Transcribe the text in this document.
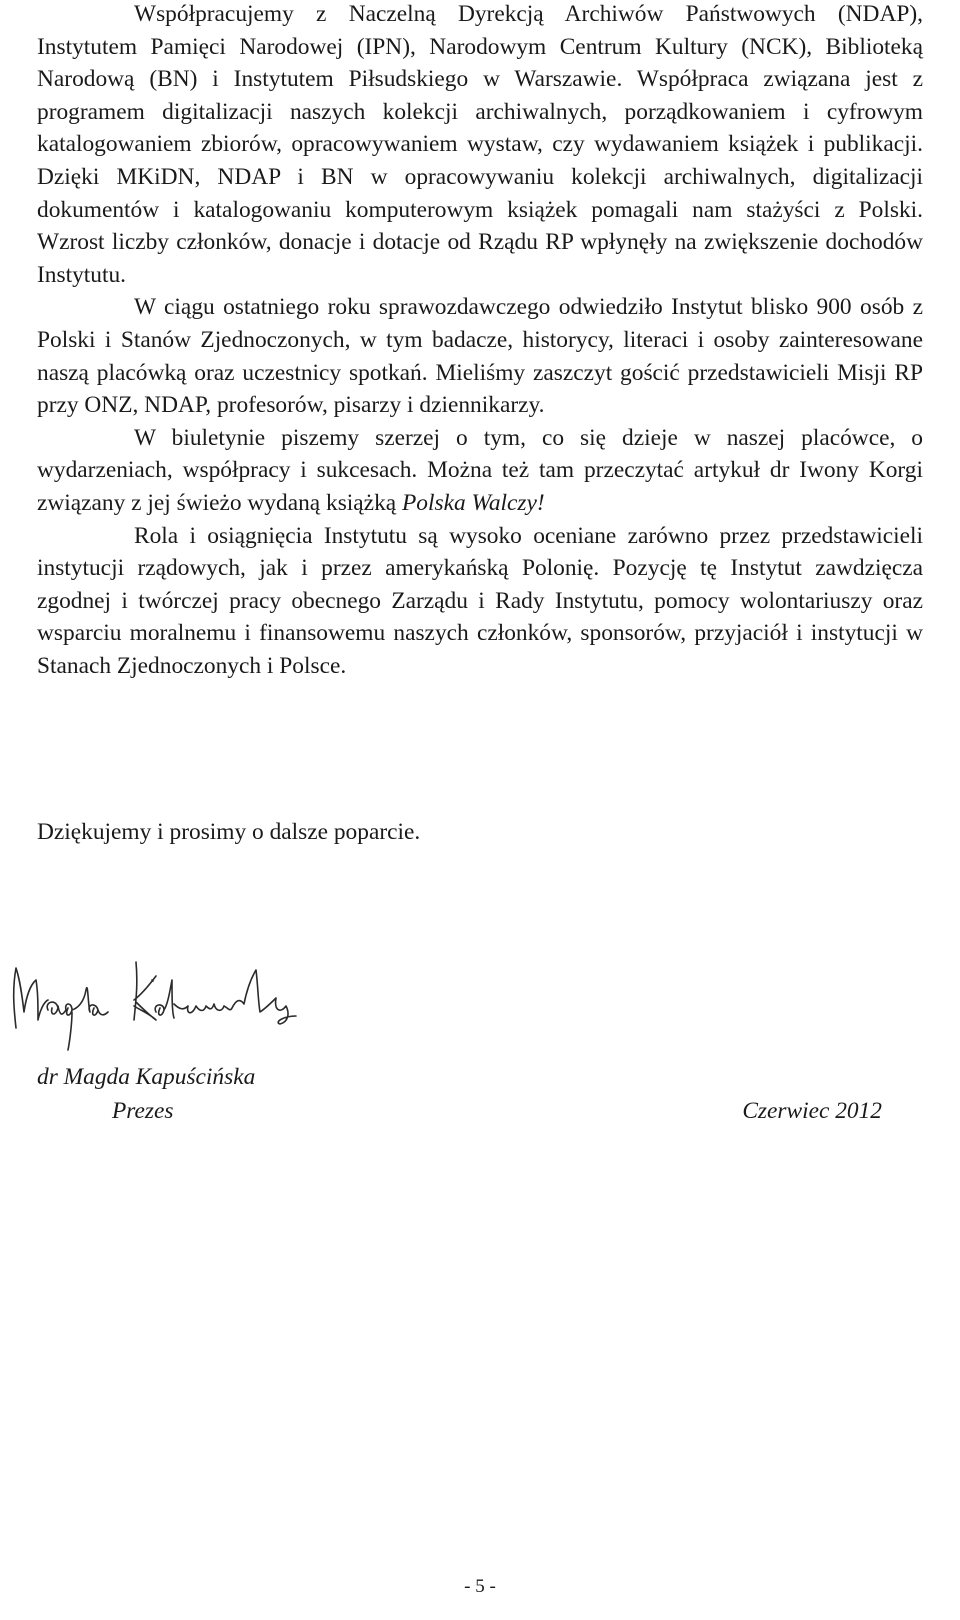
Współpracujemy z Naczelną Dyrekcją Archiwów Państwowych (NDAP), Instytutem Pamięci Narodowej (IPN), Narodowym Centrum Kultury (NCK), Biblioteką Narodową (BN) i Instytutem Piłsudskiego w Warszawie. Współpraca związana jest z programem digitalizacji naszych kolekcji archiwalnych, porządkowaniem i cyfrowym katalogowaniem zbiorów, opracowywaniem wystaw, czy wydawaniem książek i publikacji. Dzięki MKiDN, NDAP i BN w opracowywaniu kolekcji archiwalnych, digitalizacji dokumentów i katalogowaniu komputerowym książek pomagali nam stażyści z Polski. Wzrost liczby członków, donacje i dotacje od Rządu RP wpłynęły na zwiększenie dochodów Instytutu.

W ciągu ostatniego roku sprawozdawczego odwiedziło Instytut blisko 900 osób z Polski i Stanów Zjednoczonych, w tym badacze, historycy, literaci i osoby zainteresowane naszą placówką oraz uczestnicy spotkań. Mieliśmy zaszczyt gościć przedstawicieli Misji RP przy ONZ, NDAP, profesorów, pisarzy i dziennikarzy.

W biuletynie piszemy szerzej o tym, co się dzieje w naszej placówce, o wydarzeniach, współpracy i sukcesach. Można też tam przeczytać artykuł dr Iwony Korgi związany z jej świeżo wydaną książką Polska Walczy!

Rola i osiągnięcia Instytutu są wysoko oceniane zarówno przez przedstawicieli instytucji rządowych, jak i przez amerykańską Polonię. Pozycję tę Instytut zawdzięcza zgodnej i twórczej pracy obecnego Zarządu i Rady Instytutu, pomocy wolontariuszy oraz wsparciu moralnemu i finansowemu naszych członków, sponsorów, przyjaciół i instytucji w Stanach Zjednoczonych i Polsce.

Dziękujemy i prosimy o dalsze poparcie.

dr Magda Kapuścińska

Prezes	Czerwiec 2012

- 5 -
